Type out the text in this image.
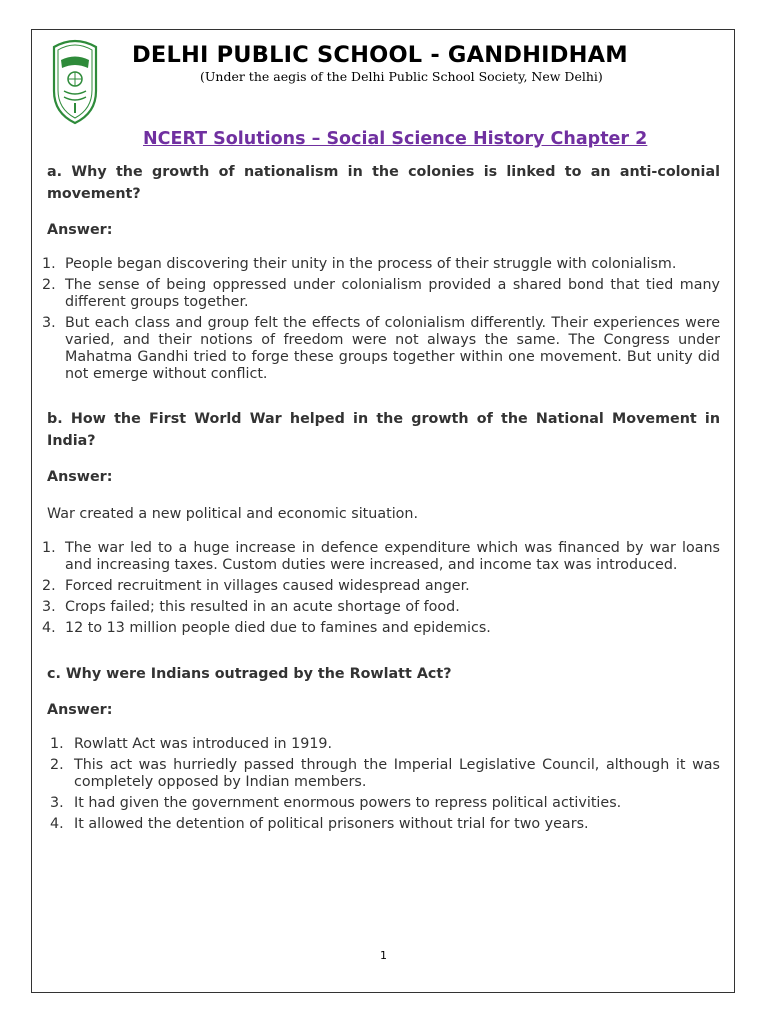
DELHI PUBLIC SCHOOL - GANDHIDHAM
(Under the aegis of the Delhi Public School Society, New Delhi)
NCERT Solutions – Social Science History Chapter 2
a. Why the growth of nationalism in the colonies is linked to an anti-colonial movement?
Answer:
1. People began discovering their unity in the process of their struggle with colonialism.
2. The sense of being oppressed under colonialism provided a shared bond that tied many different groups together.
3. But each class and group felt the effects of colonialism differently. Their experiences were varied, and their notions of freedom were not always the same. The Congress under Mahatma Gandhi tried to forge these groups together within one movement. But unity did not emerge without conflict.
b. How the First World War helped in the growth of the National Movement in India?
Answer:
War created a new political and economic situation.
1. The war led to a huge increase in defence expenditure which was financed by war loans and increasing taxes. Custom duties were increased, and income tax was introduced.
2. Forced recruitment in villages caused widespread anger.
3. Crops failed; this resulted in an acute shortage of food.
4. 12 to 13 million people died due to famines and epidemics.
c. Why were Indians outraged by the Rowlatt Act?
Answer:
1. Rowlatt Act was introduced in 1919.
2. This act was hurriedly passed through the Imperial Legislative Council, although it was completely opposed by Indian members.
3. It had given the government enormous powers to repress political activities.
4. It allowed the detention of political prisoners without trial for two years.
1
